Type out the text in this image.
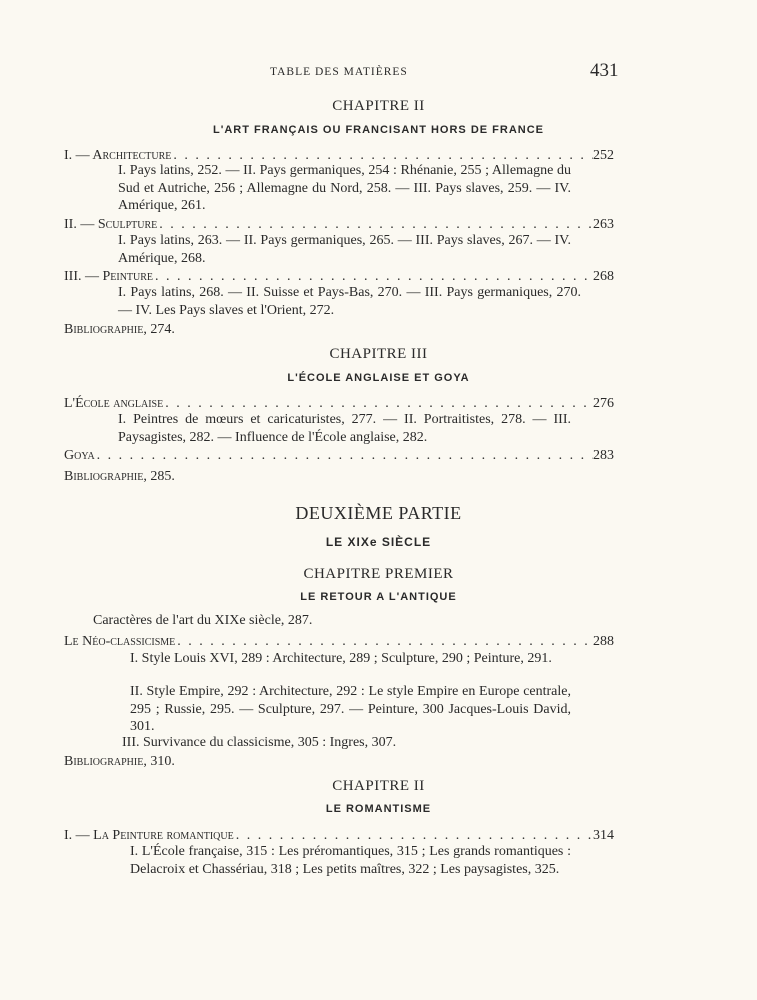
TABLE DES MATIÈRES	431
CHAPITRE II
L'ART FRANÇAIS OU FRANCISANT HORS DE FRANCE
I. — Architecture . . .	252
I. Pays latins, 252. — II. Pays germaniques, 254 : Rhénanie, 255 ; Allemagne du Sud et Autriche, 256 ; Allemagne du Nord, 258. — III. Pays slaves, 259. — IV. Amérique, 261.
II. — Sculpture . . .	263
I. Pays latins, 263. — II. Pays germaniques, 265. — III. Pays slaves, 267. — IV. Amérique, 268.
III. — Peinture . . .	268
I. Pays latins, 268. — II. Suisse et Pays-Bas, 270. — III. Pays germaniques, 270. — IV. Les Pays slaves et l'Orient, 272.
Bibliographie, 274.
CHAPITRE III
L'ÉCOLE ANGLAISE ET GOYA
L'École anglaise . . .	276
I. Peintres de mœurs et caricaturistes, 277. — II. Portraitistes, 278. — III. Paysagistes, 282. — Influence de l'École anglaise, 282.
Goya . . .	283
Bibliographie, 285.
DEUXIÈME PARTIE
LE XIXe SIÈCLE
CHAPITRE PREMIER
LE RETOUR A L'ANTIQUE
Caractères de l'art du XIXe siècle, 287.
Le Néo-classicisme . . .	288
I. Style Louis XVI, 289 : Architecture, 289 ; Sculpture, 290 ; Peinture, 291.
II. Style Empire, 292 : Architecture, 292 : Le style Empire en Europe centrale, 295 ; Russie, 295. — Sculpture, 297. — Peinture, 300 Jacques-Louis David, 301.
III. Survivance du classicisme, 305 : Ingres, 307.
Bibliographie, 310.
CHAPITRE II
LE ROMANTISME
I. — La Peinture romantique . . .	314
I. L'École française, 315 : Les préromantiques, 315 ; Les grands romantiques : Delacroix et Chassériau, 318 ; Les petits maîtres, 322 ; Les paysagistes, 325.
